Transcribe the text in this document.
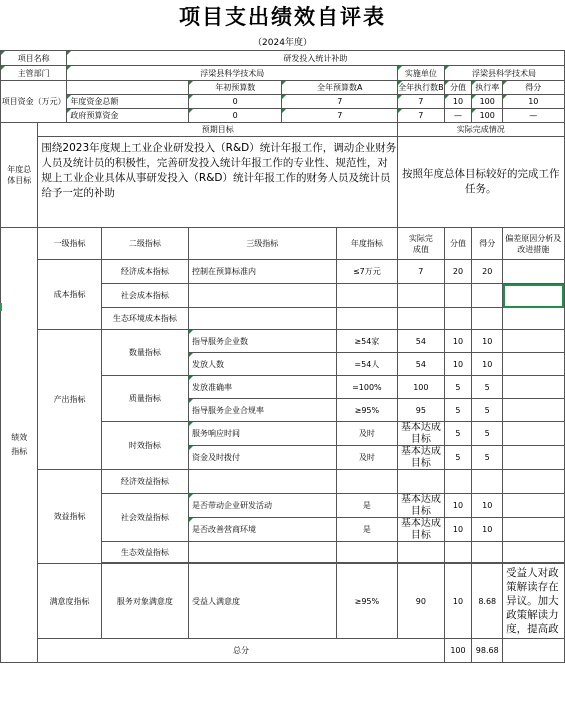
项目支出绩效自评表
（2024年度）
项目名称		研发投入统计补助									
主管部门		浮梁县科学技术局					实施单位	浮梁县科学技术局			
项目资金（万元）				年初预算数	全年预算数A		全年执行数B	分值	执行率	得分	
		年度资金总额		0	7		7	10	100	10	
		政府预算资金		0	7		7	—	100	—	
年度总体目标	预期目标						实际完成情况				

	围绕2023年度规上工业企业研发投入（R&D）统计年报工作，调动企业财务人员及统计员的积极性，完善研发投入统计年报工作的专业性、规范性，对规上工业企业具体从事研发投入（R&D）统计年报工作的财务人员及统计员给予一定的补助						按照年度总体目标较好的完成工作任务。				
绩效指标	一级指标		二级指标	三级指标		年度指标	实际完成值	分值	得分	偏差原因分析及改进措施	
	成本指标		经济成本指标	控制在预算标准内		≤7万元	7	20	20		
			社会成本指标								
			生态环境成本指标								
	产出指标		数量指标	指导服务企业数		≥54家	54	10	10		
				发放人数		=54人	54	10	10		
			质量指标	发放准确率		=100%	100	5	5		
				指导服务企业合规率		≥95%	95	5	5		
			时效指标	服务响应时间		及时	基本达成目标	5	5		
				资金及时拨付		及时	基本达成目标	5	5		
	效益指标		经济效益指标								
			社会效益指标	是否带动企业研发活动		是	基本达成目标	10	10		
				是否改善营商环境		是	基本达成目标	10	10		
			生态效益指标								

	满意度指标		服务对象满意度	受益人满意度		≥95%	90	10	8.68	受益人对政策解读存在异议。加大政策解读力度，提高政	

	总分							100	98.68		
